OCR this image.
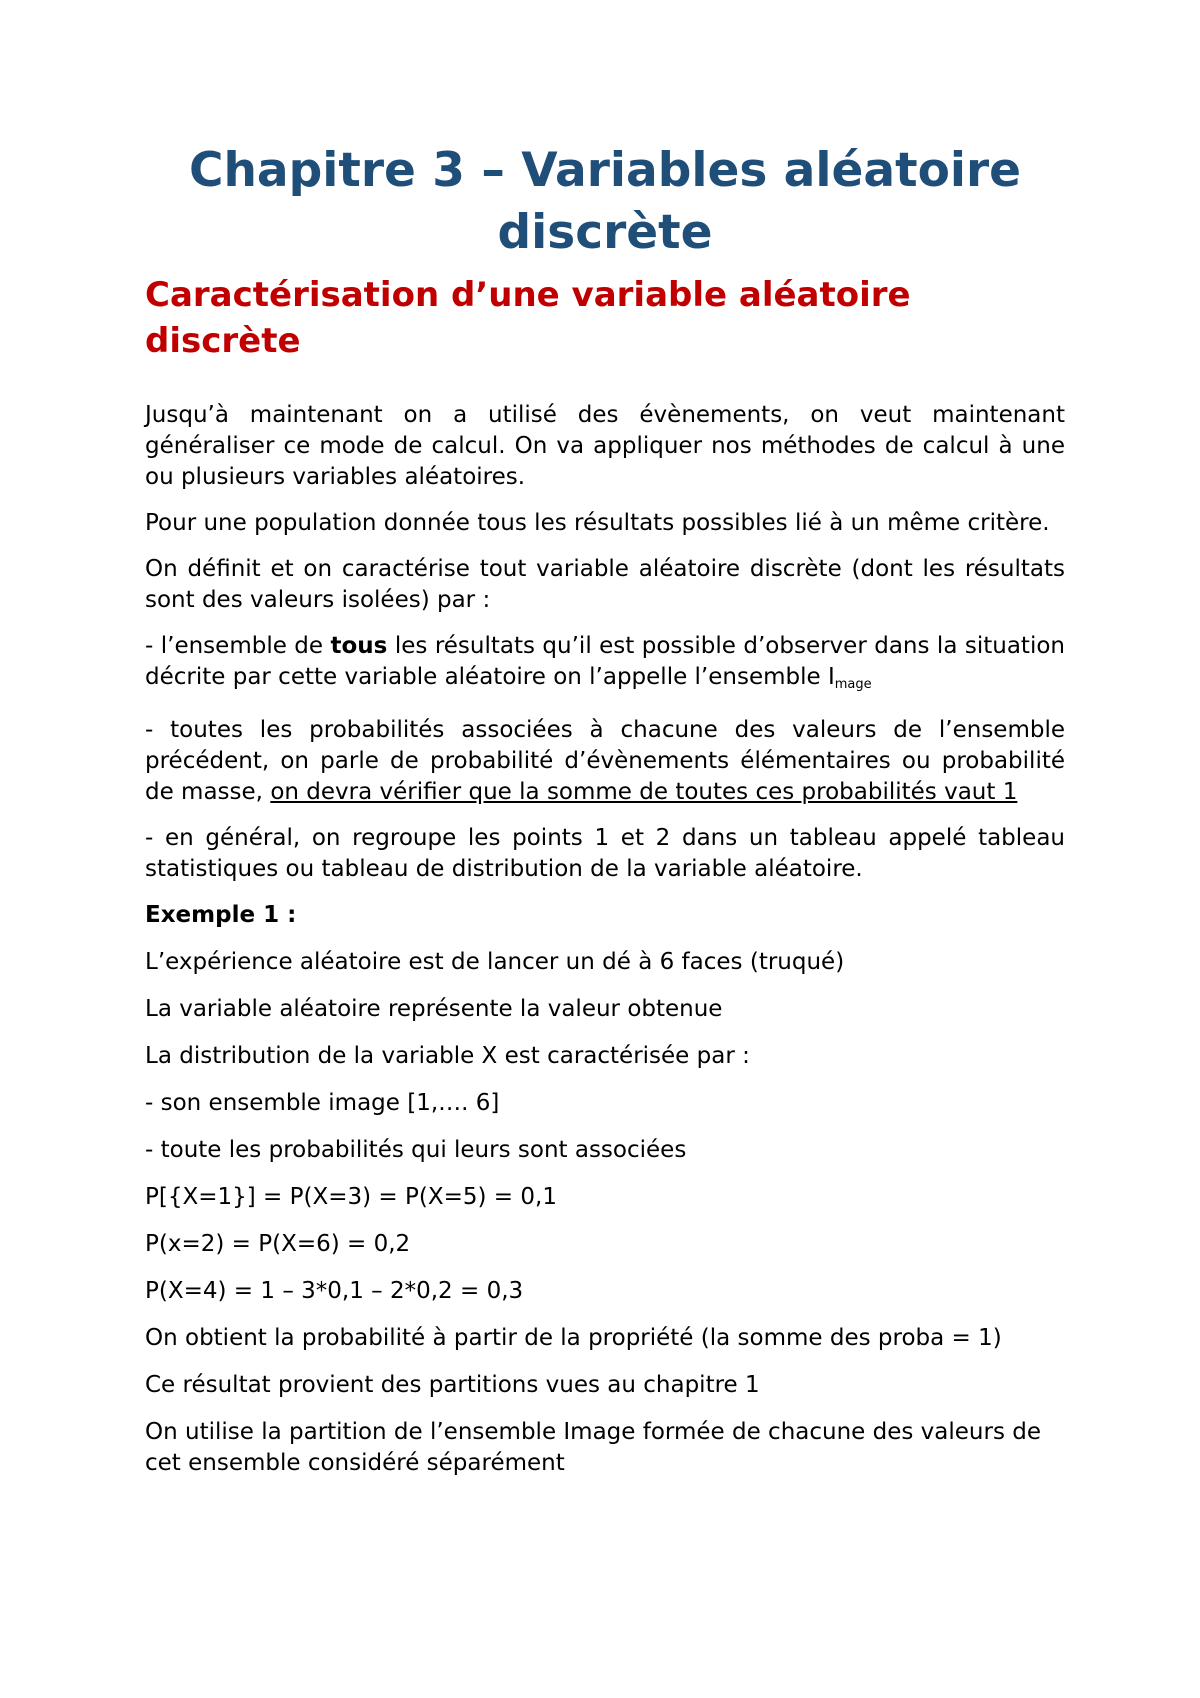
Chapitre 3 – Variables aléatoire
discrète
Caractérisation d’une variable aléatoire discrète

Jusqu’à maintenant on a utilisé des évènements, on veut maintenant généraliser ce mode de calcul. On va appliquer nos méthodes de calcul à une ou plusieurs variables aléatoires.

Pour une population donnée tous les résultats possibles lié à un même critère.

On définit et on caractérise tout variable aléatoire discrète (dont les résultats sont des valeurs isolées) par :

- l’ensemble de tous les résultats qu’il est possible d’observer dans la situation décrite par cette variable aléatoire on l’appelle l’ensemble $I_{mage}$

- toutes les probabilités associées à chacune des valeurs de l’ensemble précédent, on parle de probabilité d’évènements élémentaires ou probabilité de masse, on devra vérifier que la somme de toutes ces probabilités vaut 1

- en général, on regroupe les points 1 et 2 dans un tableau appelé tableau statistiques ou tableau de distribution de la variable aléatoire.

Exemple 1 :

L’expérience aléatoire est de lancer un dé à 6 faces (truqué)

La variable aléatoire représente la valeur obtenue

La distribution de la variable X est caractérisée par :

- son ensemble image [1,…. 6]

- toute les probabilités qui leurs sont associées

P[{X=1}] = P(X=3) = P(X=5) = 0,1

P(x=2) = P(X=6) = 0,2

P(X=4) = 1 – 3*0,1 – 2*0,2 = 0,3

On obtient la probabilité à partir de la propriété (la somme des proba = 1)

Ce résultat provient des partitions vues au chapitre 1

On utilise la partition de l’ensemble Image formée de chacune des valeurs de cet ensemble considéré séparément
